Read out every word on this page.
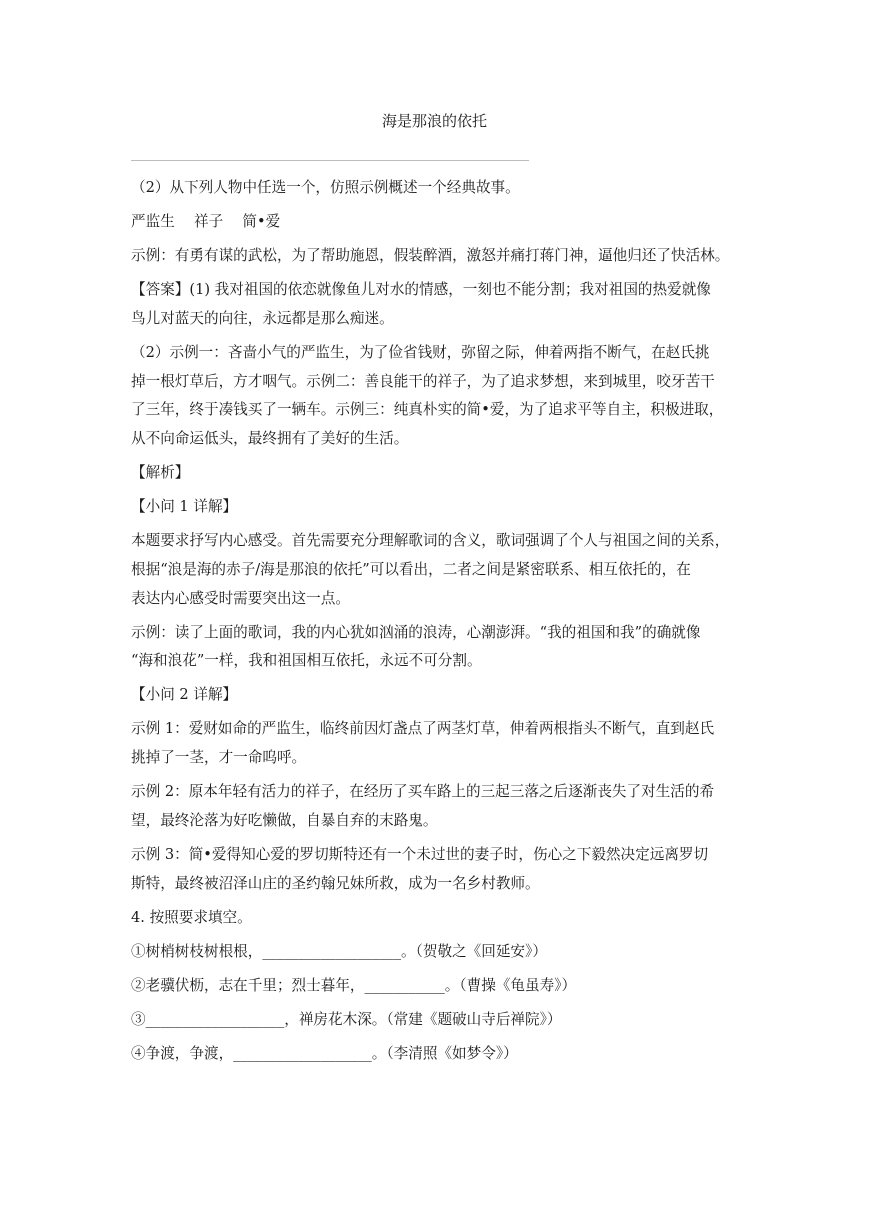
海是那浪的依托
（2）从下列人物中任选一个，仿照示例概述一个经典故事。
严监生　 祥子　 简•爱
示例：有勇有谋的武松，为了帮助施恩，假装醉酒，激怒并痛打蒋门神，逼他归还了快活林。
【答案】(1) 我对祖国的依恋就像鱼儿对水的情感，一刻也不能分割；我对祖国的热爱就像
鸟儿对蓝天的向往，永远都是那么痴迷。
（2）示例一：吝啬小气的严监生，为了俭省钱财，弥留之际，伸着两指不断气，在赵氏挑
掉一根灯草后，方才咽气。示例二：善良能干的祥子，为了追求梦想，来到城里，咬牙苦干
了三年，终于凑钱买了一辆车。示例三：纯真朴实的简•爱，为了追求平等自主，积极进取，
从不向命运低头，最终拥有了美好的生活。
【解析】
【小问 1 详解】
本题要求抒写内心感受。首先需要充分理解歌词的含义，歌词强调了个人与祖国之间的关系，
根据“浪是海的赤子/海是那浪的依托”可以看出，二者之间是紧密联系、相互依托的，在
表达内心感受时需要突出这一点。
示例：读了上面的歌词，我的内心犹如汹涌的浪涛，心潮澎湃。“我的祖国和我”的确就像
“海和浪花”一样，我和祖国相互依托，永远不可分割。
【小问 2 详解】
示例 1：爱财如命的严监生，临终前因灯盏点了两茎灯草，伸着两根指头不断气，直到赵氏
挑掉了一茎，才一命呜呼。
示例 2：原本年轻有活力的祥子，在经历了买车路上的三起三落之后逐渐丧失了对生活的希
望，最终沦落为好吃懒做，自暴自弃的末路鬼。
示例 3：简•爱得知心爱的罗切斯特还有一个未过世的妻子时，伤心之下毅然决定远离罗切
斯特，最终被沼泽山庄的圣约翰兄妹所救，成为一名乡村教师。
4. 按照要求填空。
①树梢树枝树根根，___________________。（贺敬之《回延安》）
②老骥伏枥，志在千里；烈士暮年，___________。（曹操《龟虽寿》）
③___________________，禅房花木深。（常建《题破山寺后禅院》）
④争渡，争渡，___________________。（李清照《如梦令》）
